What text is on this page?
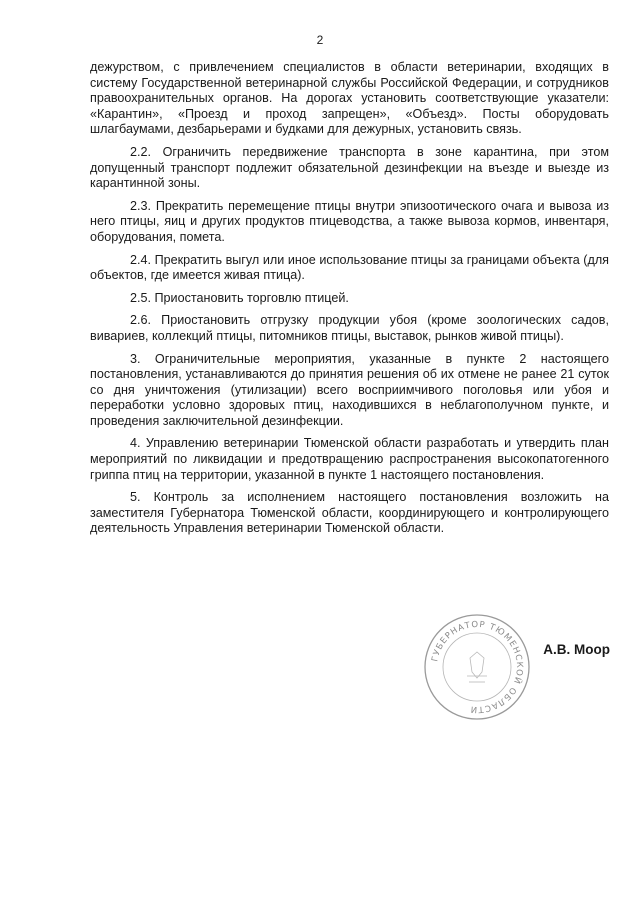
2

дежурством, с привлечением специалистов в области ветеринарии, входящих в систему Государственной ветеринарной службы Российской Федерации, и сотрудников правоохранительных органов. На дорогах установить соответствующие указатели: «Карантин», «Проезд и проход запрещен», «Объезд». Посты оборудовать шлагбаумами, дезбарьерами и будками для дежурных, установить связь.

2.2. Ограничить передвижение транспорта в зоне карантина, при этом допущенный транспорт подлежит обязательной дезинфекции на въезде и выезде из карантинной зоны.

2.3. Прекратить перемещение птицы внутри эпизоотического очага и вывоза из него птицы, яиц и других продуктов птицеводства, а также вывоза кормов, инвентаря, оборудования, помета.

2.4. Прекратить выгул или иное использование птицы за границами объекта (для объектов, где имеется живая птица).

2.5. Приостановить торговлю птицей.

2.6. Приостановить отгрузку продукции убоя (кроме зоологических садов, вивариев, коллекций птицы, питомников птицы, выставок, рынков живой птицы).

3. Ограничительные мероприятия, указанные в пункте 2 настоящего постановления, устанавливаются до принятия решения об их отмене не ранее 21 суток со дня уничтожения (утилизации) всего восприимчивого поголовья или убоя и переработки условно здоровых птиц, находившихся в неблагополучном пункте, и проведения заключительной дезинфекции.

4. Управлению ветеринарии Тюменской области разработать и утвердить план мероприятий по ликвидации и предотвращению распространения высокопатогенного гриппа птиц на территории, указанной в пункте 1 настоящего постановления.

5. Контроль за исполнением настоящего постановления возложить на заместителя Губернатора Тюменской области, координирующего и контролирующего деятельность Управления ветеринарии Тюменской области.

ГУБЕРНАТОР ТЮМЕНСКОЙ ОБЛАСТИ
А.В. Моор
